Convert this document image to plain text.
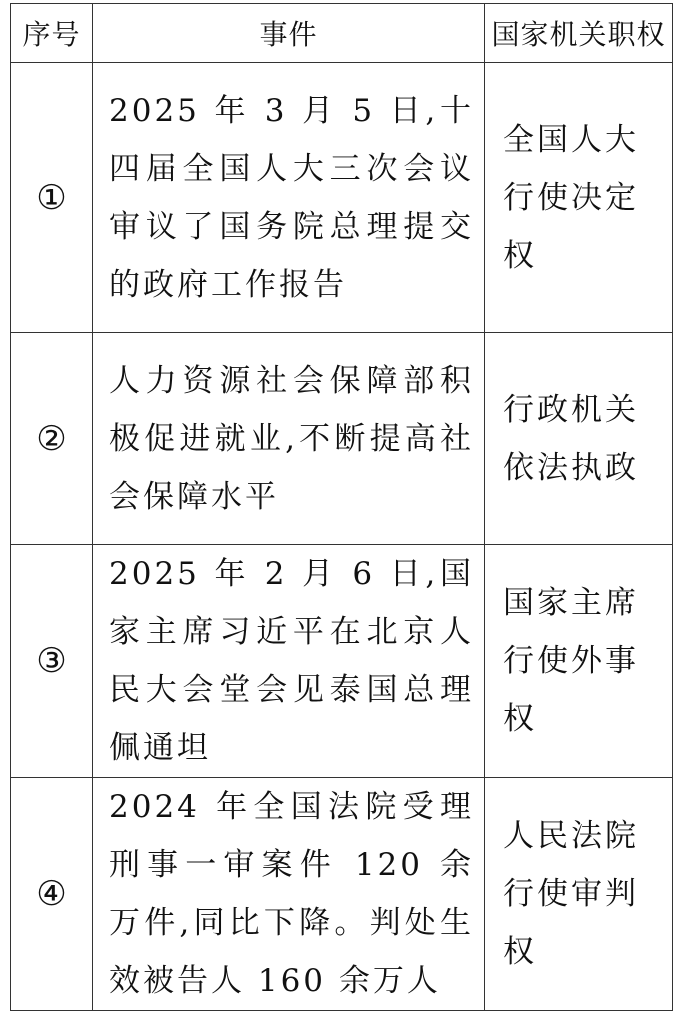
序号	事件	国家机关职权
①	2025 年 3 月 5 日,十四届全国人大三次会议审议了国务院总理提交的政府工作报告	全国人大行使决定权
②	人力资源社会保障部积极促进就业,不断提高社会保障水平	行政机关依法执政
③	2025 年 2 月 6 日,国家主席习近平在北京人民大会堂会见泰国总理佩通坦	国家主席行使外事权
④	2024 年全国法院受理刑事一审案件 120 余万件,同比下降。判处生效被告人 160 余万人	人民法院行使审判权
